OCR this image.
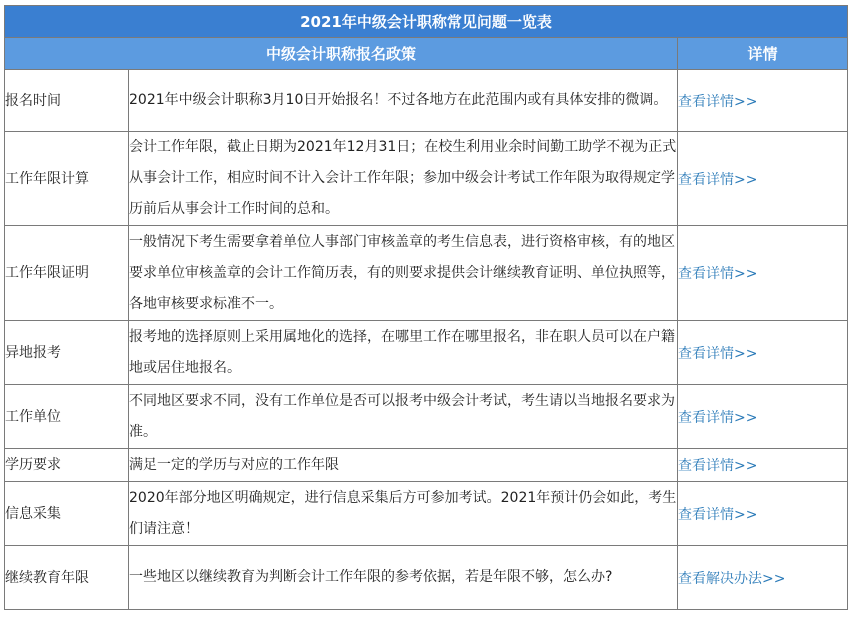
2021年中级会计职称常见问题一览表		
中级会计职称报名政策		详情
报名时间	2021年中级会计职称3月10日开始报名！不过各地方在此范围内或有具体安排的微调。	查看详情>>
工作年限计算	会计工作年限，截止日期为2021年12月31日；在校生利用业余时间勤工助学不视为正式从事会计工作，相应时间不计入会计工作年限；参加中级会计考试工作年限为取得规定学历前后从事会计工作时间的总和。	查看详情>>
工作年限证明	一般情况下考生需要拿着单位人事部门审核盖章的考生信息表，进行资格审核，有的地区要求单位审核盖章的会计工作简历表，有的则要求提供会计继续教育证明、单位执照等，各地审核要求标准不一。	查看详情>>
异地报考	报考地的选择原则上采用属地化的选择，在哪里工作在哪里报名，非在职人员可以在户籍地或居住地报名。	查看详情>>
工作单位	不同地区要求不同，没有工作单位是否可以报考中级会计考试，考生请以当地报名要求为准。	查看详情>>
学历要求	满足一定的学历与对应的工作年限	查看详情>>
信息采集	2020年部分地区明确规定，进行信息采集后方可参加考试。2021年预计仍会如此，考生们请注意！	查看详情>>
继续教育年限	一些地区以继续教育为判断会计工作年限的参考依据，若是年限不够，怎么办?	查看解决办法>>
